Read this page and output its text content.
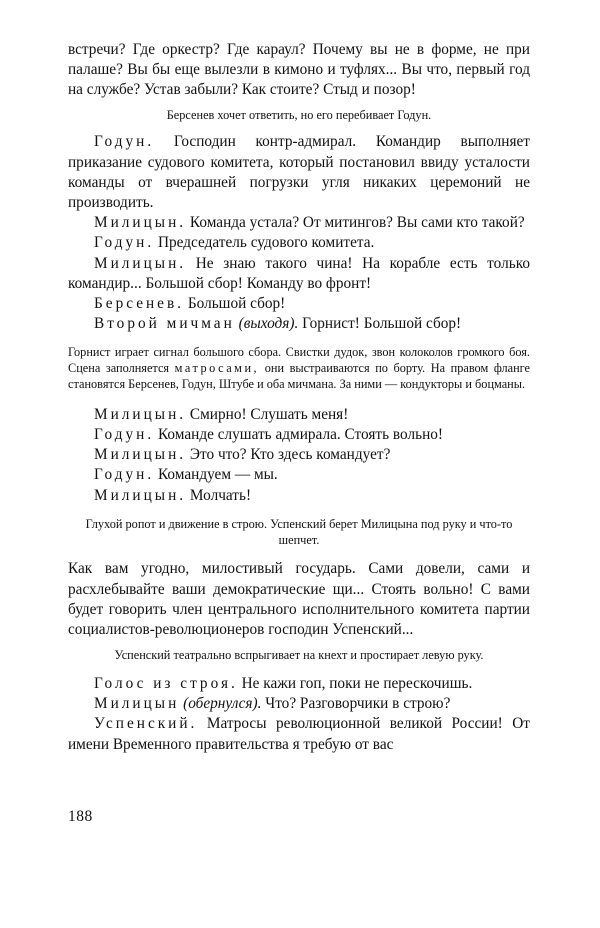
встречи? Где оркестр? Где караул? Почему вы не в форме, не при палаше? Вы бы еще вылезли в кимоно и туфлях... Вы что, первый год на службе? Устав забыли? Как стоите? Стыд и позор!

Берсенев хочет ответить, но его перебивает Годун.

Годун. Господин контр-адмирал. Командир выполняет приказание судового комитета, который постановил ввиду усталости команды от вчерашней погрузки угля никаких церемоний не производить.

Милицын. Команда устала? От митингов? Вы сами кто такой?

Годун. Председатель судового комитета.

Милицын. Не знаю такого чина! На корабле есть только командир... Большой сбор! Команду во фронт!

Берсенев. Большой сбор!

Второй мичман (выходя). Горнист! Большой сбор!

Горнист играет сигнал большого сбора. Свистки дудок, звон колоколов громкого боя. Сцена заполняется матросами, они выстраиваются по борту. На правом фланге становятся Берсенев, Годун, Штубе и оба мичмана. За ними — кондукторы и боцманы.

Милицын. Смирно! Слушать меня!

Годун. Команде слушать адмирала. Стоять вольно!

Милицын. Это что? Кто здесь командует?

Годун. Командуем — мы.

Милицын. Молчать!

Глухой ропот и движение в строю. Успенский берет Милицына под руку и что-то шепчет.

Как вам угодно, милостивый государь. Сами довели, сами и расхлебывайте ваши демократические щи... Стоять вольно! С вами будет говорить член центрального исполнительного комитета партии социалистов-революционеров господин Успенский...

Успенский театрально вспрыгивает на кнехт и простирает левую руку.

Голос из строя. Не кажи гоп, поки не перескочишь.

Милицын (обернулся). Что? Разговорчики в строю?

Успенский. Матросы революционной великой России! От имени Временного правительства я требую от вас

188
